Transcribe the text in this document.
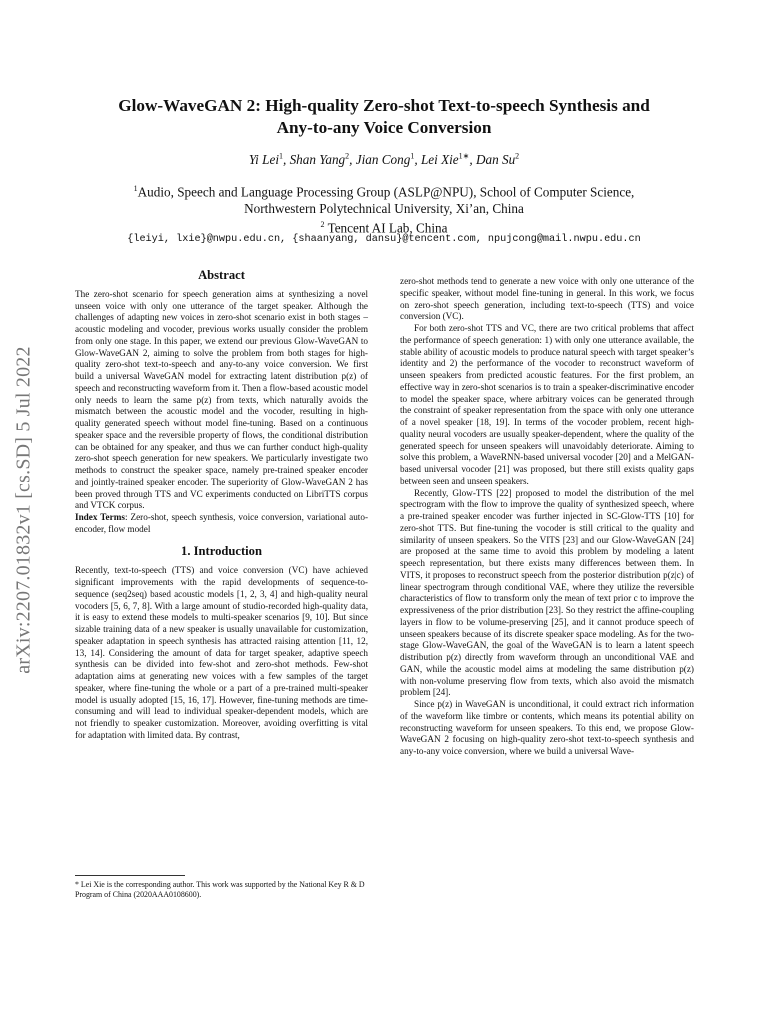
arXiv:2207.01832v1 [cs.SD] 5 Jul 2022
Glow-WaveGAN 2: High-quality Zero-shot Text-to-speech Synthesis and
Any-to-any Voice Conversion
Yi Lei$^1$, Shan Yang$^2$, Jian Cong$^1$, Lei Xie$^{1∗}$, Dan Su$^2$
$^1$Audio, Speech and Language Processing Group (ASLP@NPU), School of Computer Science,
Northwestern Polytechnical University, Xi’an, China
$^2$ Tencent AI Lab, China
{leiyi, lxie}@nwpu.edu.cn, {shaanyang, dansu}@tencent.com, npujcong@mail.nwpu.edu.cn
Abstract

The zero-shot scenario for speech generation aims at synthesizing a novel unseen voice with only one utterance of the target speaker. Although the challenges of adapting new voices in zero-shot scenario exist in both stages – acoustic modeling and vocoder, previous works usually consider the problem from only one stage. In this paper, we extend our previous Glow-WaveGAN to Glow-WaveGAN 2, aiming to solve the problem from both stages for high-quality zero-shot text-to-speech and any-to-any voice conversion. We first build a universal WaveGAN model for extracting latent distribution p(z) of speech and reconstructing waveform from it. Then a flow-based acoustic model only needs to learn the same p(z) from texts, which naturally avoids the mismatch between the acoustic model and the vocoder, resulting in high-quality generated speech without model fine-tuning. Based on a continuous speaker space and the reversible property of flows, the conditional distribution can be obtained for any speaker, and thus we can further conduct high-quality zero-shot speech generation for new speakers. We particularly investigate two methods to construct the speaker space, namely pre-trained speaker encoder and jointly-trained speaker encoder. The superiority of Glow-WaveGAN 2 has been proved through TTS and VC experiments conducted on LibriTTS corpus and VTCK corpus.

Index Terms: Zero-shot, speech synthesis, voice conversion, variational auto-encoder, flow model

1. Introduction

Recently, text-to-speech (TTS) and voice conversion (VC) have achieved significant improvements with the rapid developments of sequence-to-sequence (seq2seq) based acoustic models [1, 2, 3, 4] and high-quality neural vocoders [5, 6, 7, 8]. With a large amount of studio-recorded high-quality data, it is easy to extend these models to multi-speaker scenarios [9, 10]. But since sizable training data of a new speaker is usually unavailable for customization, speaker adaptation in speech synthesis has attracted raising attention [11, 12, 13, 14]. Considering the amount of data for target speaker, adaptive speech synthesis can be divided into few-shot and zero-shot methods. Few-shot adaptation aims at generating new voices with a few samples of the target speaker, where fine-tuning the whole or a part of a pre-trained multi-speaker model is usually adopted [15, 16, 17]. However, fine-tuning methods are time-consuming and will lead to individual speaker-dependent models, which are not friendly to speaker customization. Moreover, avoiding overfitting is vital for adaptation with limited data. By contrast,

* Lei Xie is the corresponding author. This work was supported by the National Key R & D Program of China (2020AAA0108600).

zero-shot methods tend to generate a new voice with only one utterance of the specific speaker, without model fine-tuning in general. In this work, we focus on zero-shot speech generation, including text-to-speech (TTS) and voice conversion (VC).

For both zero-shot TTS and VC, there are two critical problems that affect the performance of speech generation: 1) with only one utterance available, the stable ability of acoustic models to produce natural speech with target speaker’s identity and 2) the performance of the vocoder to reconstruct waveform of unseen speakers from predicted acoustic features. For the first problem, an effective way in zero-shot scenarios is to train a speaker-discriminative encoder to model the speaker space, where arbitrary voices can be generated through the constraint of speaker representation from the space with only one utterance of a novel speaker [18, 19]. In terms of the vocoder problem, recent high-quality neural vocoders are usually speaker-dependent, where the quality of the generated speech for unseen speakers will unavoidably deteriorate. Aiming to solve this problem, a WaveRNN-based universal vocoder [20] and a MelGAN-based universal vocoder [21] was proposed, but there still exists quality gaps between seen and unseen speakers.

Recently, Glow-TTS [22] proposed to model the distribution of the mel spectrogram with the flow to improve the quality of synthesized speech, where a pre-trained speaker encoder was further injected in SC-Glow-TTS [10] for zero-shot TTS. But fine-tuning the vocoder is still critical to the quality and similarity of unseen speakers. So the VITS [23] and our Glow-WaveGAN [24] are proposed at the same time to avoid this problem by modeling a latent speech representation, but there exists many differences between them. In VITS, it proposes to reconstruct speech from the posterior distribution p(z|c) of linear spectrogram through conditional VAE, where they utilize the reversible characteristics of flow to transform only the mean of text prior c to improve the expressiveness of the prior distribution [23]. So they restrict the affine-coupling layers in flow to be volume-preserving [25], and it cannot produce speech of unseen speakers because of its discrete speaker space modeling. As for the two-stage Glow-WaveGAN, the goal of the WaveGAN is to learn a latent speech distribution p(z) directly from waveform through an unconditional VAE and GAN, while the acoustic model aims at modeling the same distribution p(z) with non-volume preserving flow from texts, which also avoid the mismatch problem [24].

Since p(z) in WaveGAN is unconditional, it could extract rich information of the waveform like timbre or contents, which means its potential ability on reconstructing waveform for unseen speakers. To this end, we propose Glow-WaveGAN 2 focusing on high-quality zero-shot text-to-speech synthesis and any-to-any voice conversion, where we build a universal Wave-
